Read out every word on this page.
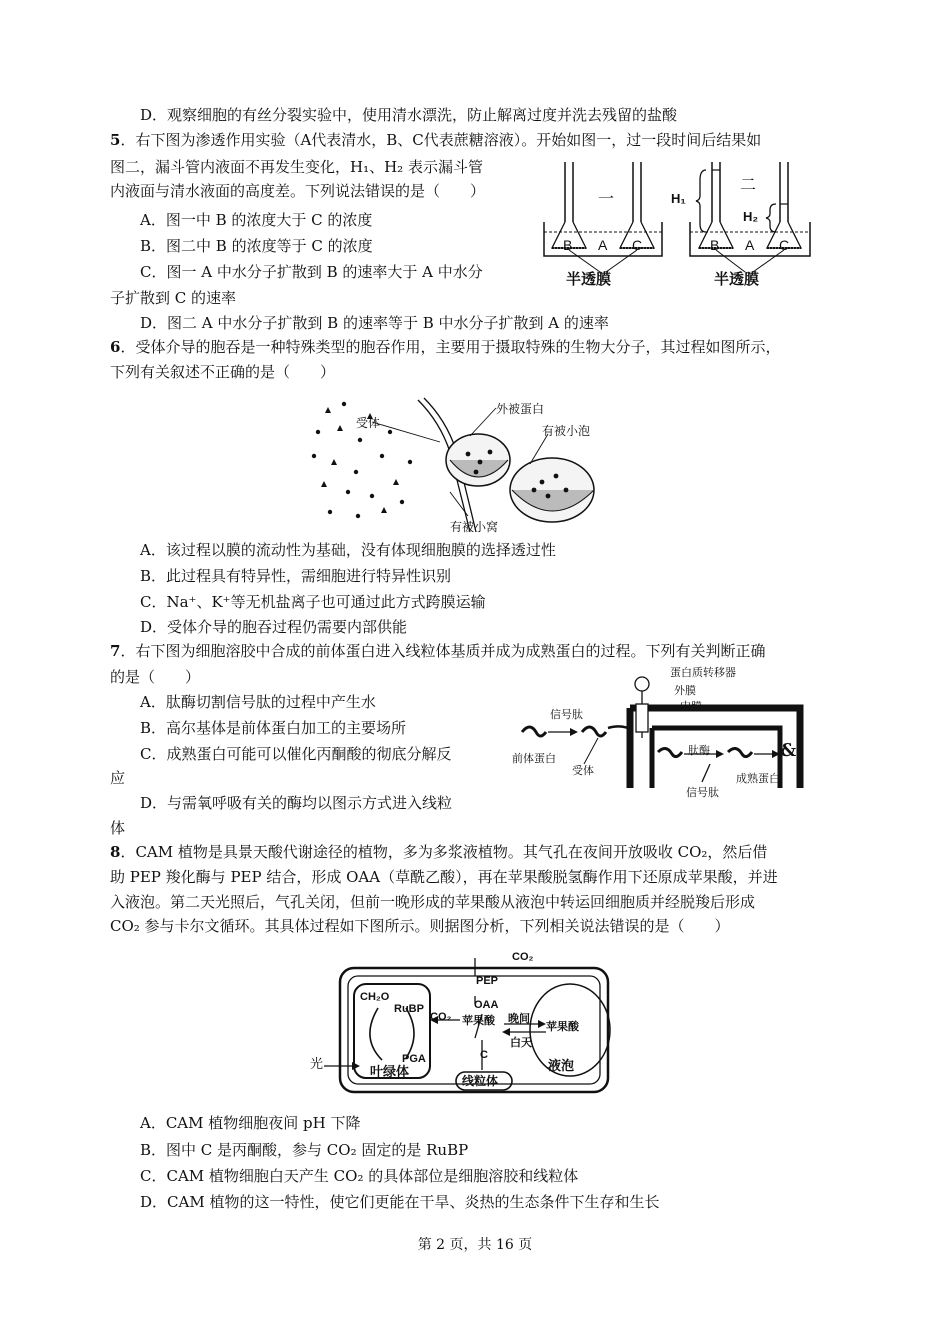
D．观察细胞的有丝分裂实验中，使用清水漂洗，防止解离过度并洗去残留的盐酸
5．右下图为渗透作用实验（A代表清水，B、C代表蔗糖溶液）。开始如图一，过一段时间后结果如
图二，漏斗管内液面不再发生变化，H₁、H₂ 表示漏斗管
内液面与清水液面的高度差。下列说法错误的是（　　）
A．图一中 B 的浓度大于 C 的浓度
B．图二中 B 的浓度等于 C 的浓度
C．图一 A 中水分子扩散到 B 的速率大于 A 中水分
子扩散到 C 的速率
D．图二 A 中水分子扩散到 B 的速率等于 B 中水分子扩散到 A 的速率
一
二
H₁
H₂
B A C	B A C
半透膜	半透膜
6．受体介导的胞吞是一种特殊类型的胞吞作用，主要用于摄取特殊的生物大分子，其过程如图所示，
下列有关叙述不正确的是（　　）
受体
外被蛋白
有被小泡
有被小窝
A．该过程以膜的流动性为基础，没有体现细胞膜的选择透过性
B．此过程具有特异性，需细胞进行特异性识别
C．Na⁺、K⁺等无机盐离子也可通过此方式跨膜运输
D．受体介导的胞吞过程仍需要内部供能
7．右下图为细胞溶胶中合成的前体蛋白进入线粒体基质并成为成熟蛋白的过程。下列有关判断正确
的是（　　）
A．肽酶切割信号肽的过程中产生水
B．高尔基体是前体蛋白加工的主要场所
C．成熟蛋白可能可以催化丙酮酸的彻底分解反
应
D．与需氧呼吸有关的酶均以图示方式进入线粒
体
蛋白质转移器
外膜
内膜
信号肽
前体蛋白
受体
肽酶
成熟蛋白
信号肽
&
8．CAM 植物是具景天酸代谢途径的植物，多为多浆液植物。其气孔在夜间开放吸收 CO₂，然后借
助 PEP 羧化酶与 PEP 结合，形成 OAA（草酰乙酸），再在苹果酸脱氢酶作用下还原成苹果酸，并进
入液泡。第二天光照后，气孔关闭，但前一晚形成的苹果酸从液泡中转运回细胞质并经脱羧后形成
CO₂ 参与卡尔文循环。其具体过程如下图所示。则据图分析，下列相关说法错误的是（　　）
CO₂
PEP
OAA
CH₂O
RuBP
CO₂ 苹果酸 晚间
白天
苹果酸
PGA	C
光
叶绿体
线粒体
液泡
A．CAM 植物细胞夜间 pH 下降
B．图中 C 是丙酮酸，参与 CO₂ 固定的是 RuBP
C．CAM 植物细胞白天产生 CO₂ 的具体部位是细胞溶胶和线粒体
D．CAM 植物的这一特性，使它们更能在干旱、炎热的生态条件下生存和生长
第 2 页，共 16 页
